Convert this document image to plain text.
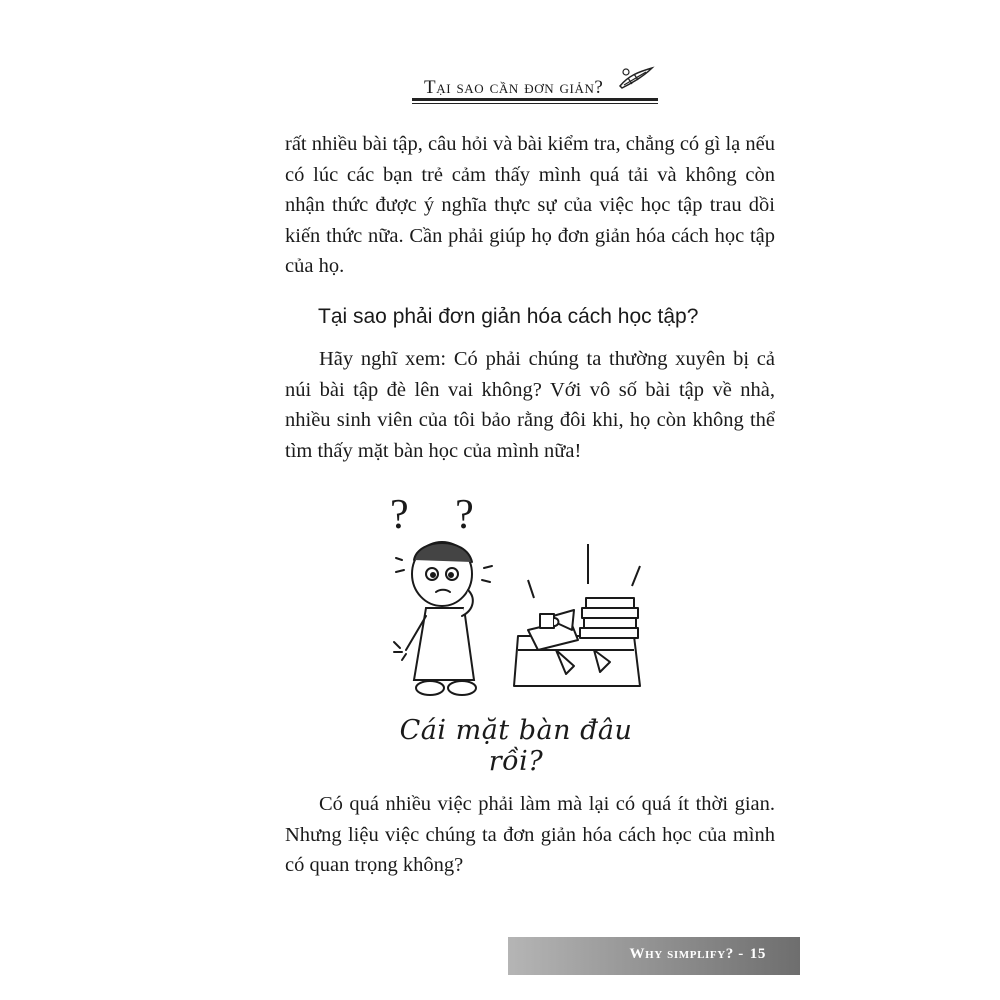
Tại sao cần đơn giản?

rất nhiều bài tập, câu hỏi và bài kiểm tra, chẳng có gì lạ nếu có lúc các bạn trẻ cảm thấy mình quá tải và không còn nhận thức được ý nghĩa thực sự của việc học tập trau dồi kiến thức nữa. Cần phải giúp họ đơn giản hóa cách học tập của họ.

Tại sao phải đơn giản hóa cách học tập?

Hãy nghĩ xem: Có phải chúng ta thường xuyên bị cả núi bài tập đè lên vai không? Với vô số bài tập về nhà, nhiều sinh viên của tôi bảo rằng đôi khi, họ còn không thể tìm thấy mặt bàn học của mình nữa!

? ?
Cái mặt bàn đâu rồi?

Có quá nhiều việc phải làm mà lại có quá ít thời gian. Nhưng liệu việc chúng ta đơn giản hóa cách học của mình có quan trọng không?

Why simplify? - 15
